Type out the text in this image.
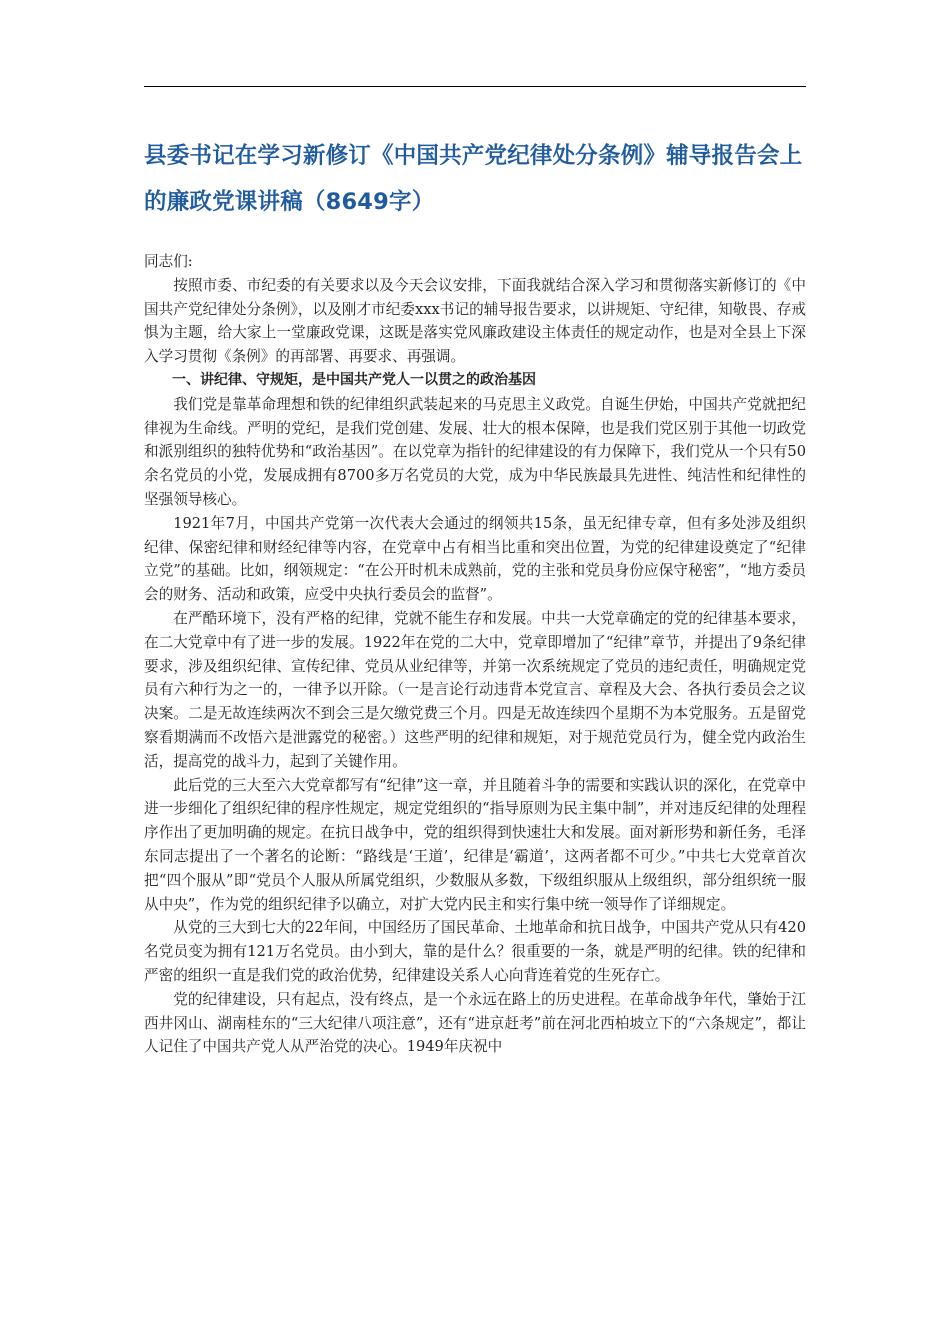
县委书记在学习新修订《中国共产党纪律处分条例》辅导报告会上的廉政党课讲稿（8649字）

同志们:

按照市委、市纪委的有关要求以及今天会议安排，下面我就结合深入学习和贯彻落实新修订的《中国共产党纪律处分条例》，以及刚才市纪委xxx书记的辅导报告要求，以讲规矩、守纪律，知敬畏、存戒惧为主题，给大家上一堂廉政党课，这既是落实党风廉政建设主体责任的规定动作，也是对全县上下深入学习贯彻《条例》的再部署、再要求、再强调。

一、讲纪律、守规矩，是中国共产党人一以贯之的政治基因

我们党是靠革命理想和铁的纪律组织武装起来的马克思主义政党。自诞生伊始，中国共产党就把纪律视为生命线。严明的党纪，是我们党创建、发展、壮大的根本保障，也是我们党区别于其他一切政党和派别组织的独特优势和“政治基因”。在以党章为指针的纪律建设的有力保障下，我们党从一个只有50余名党员的小党，发展成拥有8700多万名党员的大党，成为中华民族最具先进性、纯洁性和纪律性的坚强领导核心。

1921年7月，中国共产党第一次代表大会通过的纲领共15条，虽无纪律专章，但有多处涉及组织纪律、保密纪律和财经纪律等内容，在党章中占有相当比重和突出位置，为党的纪律建设奠定了“纪律立党”的基础。比如，纲领规定：“在公开时机未成熟前，党的主张和党员身份应保守秘密”，“地方委员会的财务、活动和政策，应受中央执行委员会的监督”。

在严酷环境下，没有严格的纪律，党就不能生存和发展。中共一大党章确定的党的纪律基本要求，在二大党章中有了进一步的发展。1922年在党的二大中，党章即增加了“纪律”章节，并提出了9条纪律要求，涉及组织纪律、宣传纪律、党员从业纪律等，并第一次系统规定了党员的违纪责任，明确规定党员有六种行为之一的，一律予以开除。（一是言论行动违背本党宣言、章程及大会、各执行委员会之议决案。二是无故连续两次不到会三是欠缴党费三个月。四是无故连续四个星期不为本党服务。五是留党察看期满而不改悟六是泄露党的秘密。）这些严明的纪律和规矩，对于规范党员行为，健全党内政治生活，提高党的战斗力，起到了关键作用。

此后党的三大至六大党章都写有“纪律”这一章，并且随着斗争的需要和实践认识的深化，在党章中进一步细化了组织纪律的程序性规定，规定党组织的“指导原则为民主集中制”，并对违反纪律的处理程序作出了更加明确的规定。在抗日战争中，党的组织得到快速壮大和发展。面对新形势和新任务，毛泽东同志提出了一个著名的论断：“路线是‘王道’，纪律是‘霸道’，这两者都不可少。”中共七大党章首次把“四个服从”即“党员个人服从所属党组织，少数服从多数，下级组织服从上级组织，部分组织统一服从中央”，作为党的组织纪律予以确立，对扩大党内民主和实行集中统一领导作了详细规定。

从党的三大到七大的22年间，中国经历了国民革命、土地革命和抗日战争，中国共产党从只有420名党员变为拥有121万名党员。由小到大，靠的是什么？很重要的一条，就是严明的纪律。铁的纪律和严密的组织一直是我们党的政治优势，纪律建设关系人心向背连着党的生死存亡。

党的纪律建设，只有起点，没有终点，是一个永远在路上的历史进程。在革命战争年代，肇始于江西井冈山、湖南桂东的“三大纪律八项注意”，还有“进京赶考”前在河北西柏坡立下的“六条规定”，都让人记住了中国共产党人从严治党的决心。1949年庆祝中
